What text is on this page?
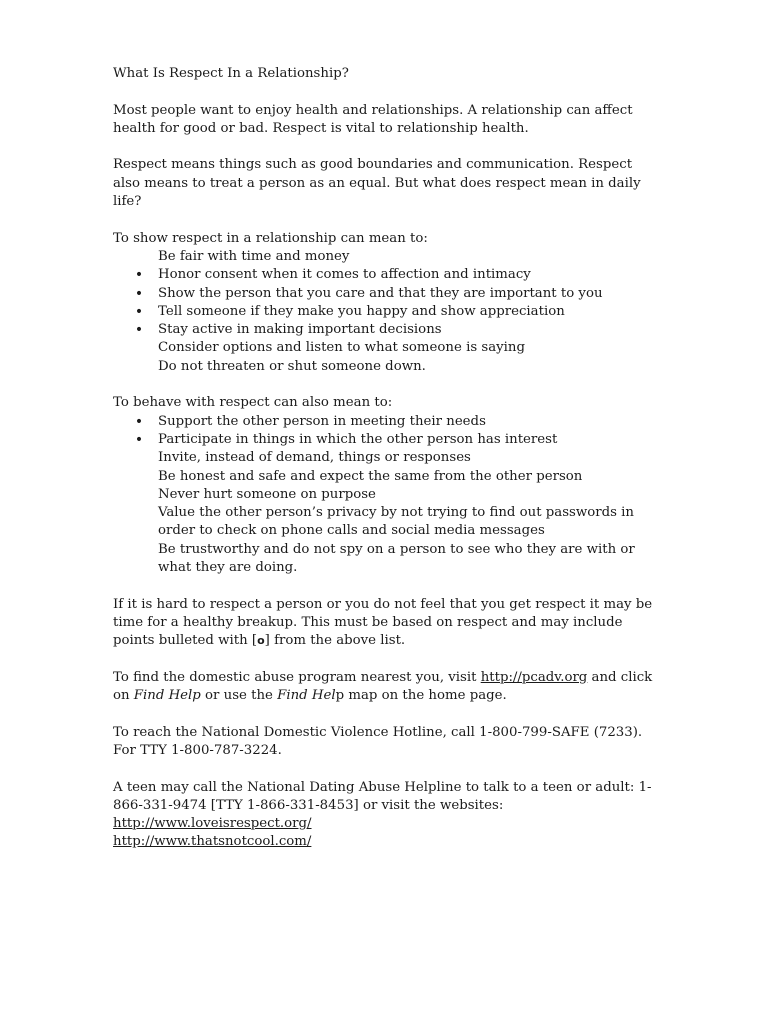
What Is Respect In a Relationship?

Most people want to enjoy health and relationships. A relationship can affect health for good or bad. Respect is vital to relationship health.

Respect means things such as good boundaries and communication. Respect also means to treat a person as an equal. But what does respect mean in daily life?

To show respect in a relationship can mean to:

Be fair with time and money
•
Honor consent when it comes to affection and intimacy
•
Show the person that you care and that they are important to you
•
Tell someone if they make you happy and show appreciation
•
Stay active in making important decisions
Consider options and listen to what someone is saying
Do not threaten or shut someone down.

To behave with respect can also mean to:

•
Support the other person in meeting their needs
•
Participate in things in which the other person has interest
Invite, instead of demand, things or responses
Be honest and safe and expect the same from the other person
Never hurt someone on purpose
Value the other person’s privacy by not trying to find out passwords in order to check on phone calls and social media messages
Be trustworthy and do not spy on a person to see who they are with or what they are doing.

If it is hard to respect a person or you do not feel that you get respect it may be time for a healthy breakup. This must be based on respect and may include points bulleted with [o] from the above list.

To find the domestic abuse program nearest you, visit http://pcadv.org and click on Find Help or use the Find Help map on the home page.

To reach the National Domestic Violence Hotline, call 1-800-799-SAFE (7233).

For TTY 1-800-787-3224.

A teen may call the National Dating Abuse Helpline to talk to a teen or adult: 1-866-331-9474 [TTY 1-866-331-8453] or visit the websites:

http://www.loveisrespect.org/

http://www.thatsnotcool.com/
